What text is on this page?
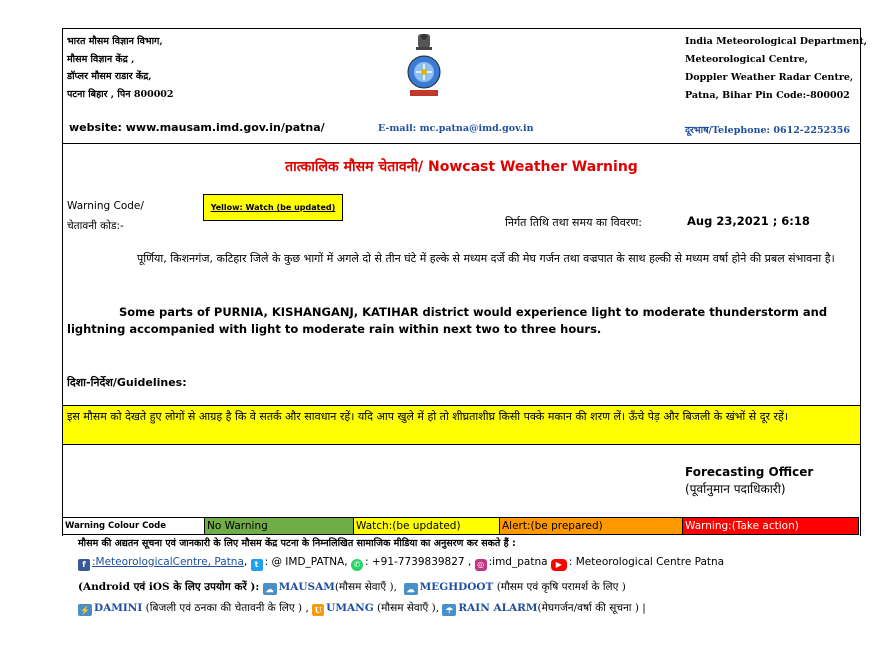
भारत मौसम विज्ञान विभाग,
मौसम विज्ञान केंद्र ,
डॉप्लर मौसम राडार केंद्र,
पटना बिहार , पिन 800002
India Meteorological Department,
Meteorological Centre,
Doppler Weather Radar Centre,
Patna, Bihar Pin Code:-800002
website: www.mausam.imd.gov.in/patna/	E-mail: mc.patna@imd.gov.in	दूरभाष/Telephone: 0612-2252356
तात्कालिक मौसम चेतावनी/ Nowcast Weather Warning
Warning Code/
चेतावनी कोड:-
Yellow: Watch (be updated)
निर्गत तिथि तथा समय का विवरण:	Aug 23,2021 ; 6:18
पूर्णिया, किशनगंज, कटिहार जिले के कुछ भागों में अगले दो से तीन घंटे में हल्के से मध्यम दर्जे की मेघ गर्जन तथा वज्रपात के साथ हल्की से मध्यम वर्षा होने की प्रबल संभावना है।
Some parts of PURNIA, KISHANGANJ, KATIHAR district would experience light to moderate thunderstorm and lightning accompanied with light to moderate rain within next two to three hours.
दिशा-निर्देश/Guidelines:
इस मौसम को देखते हुए लोगों से आग्रह है कि वे सतर्क और सावधान रहें। यदि आप खुले में हो तो शीघ्रताशीघ्र किसी पक्के मकान की शरण लें। ऊँचे पेड़ और बिजली के खंभों से दूर रहें।
Forecasting Officer
(पूर्वानुमान पदाधिकारी)
Warning Colour Code	No Warning	Watch:(be updated)	Alert:(be prepared)	Warning:(Take action)
मौसम की अद्यतन सूचना एवं जानकारी के लिए मौसम केंद्र पटना के निम्नलिखित सामाजिक मीडिया का अनुसरण कर सकते हैं :
f :MeteorologicalCentre, Patna, t : @ IMD_PATNA, ✆ : +91-7739839827 , ◎ :imd_patna ▶ : Meteorological Centre Patna
(Android एवं iOS के लिए उपयोग करें ): ☁ MAUSAM(मौसम सेवाएँ ), ☁ MEGHDOOT (मौसम एवं कृषि परामर्श के लिए )
⚡ DAMINI (बिजली एवं ठनका की चेतावनी के लिए ) , U UMANG (मौसम सेवाएँ ), ☂ RAIN ALARM(मेघगर्जन/वर्षा की सूचना ) |
